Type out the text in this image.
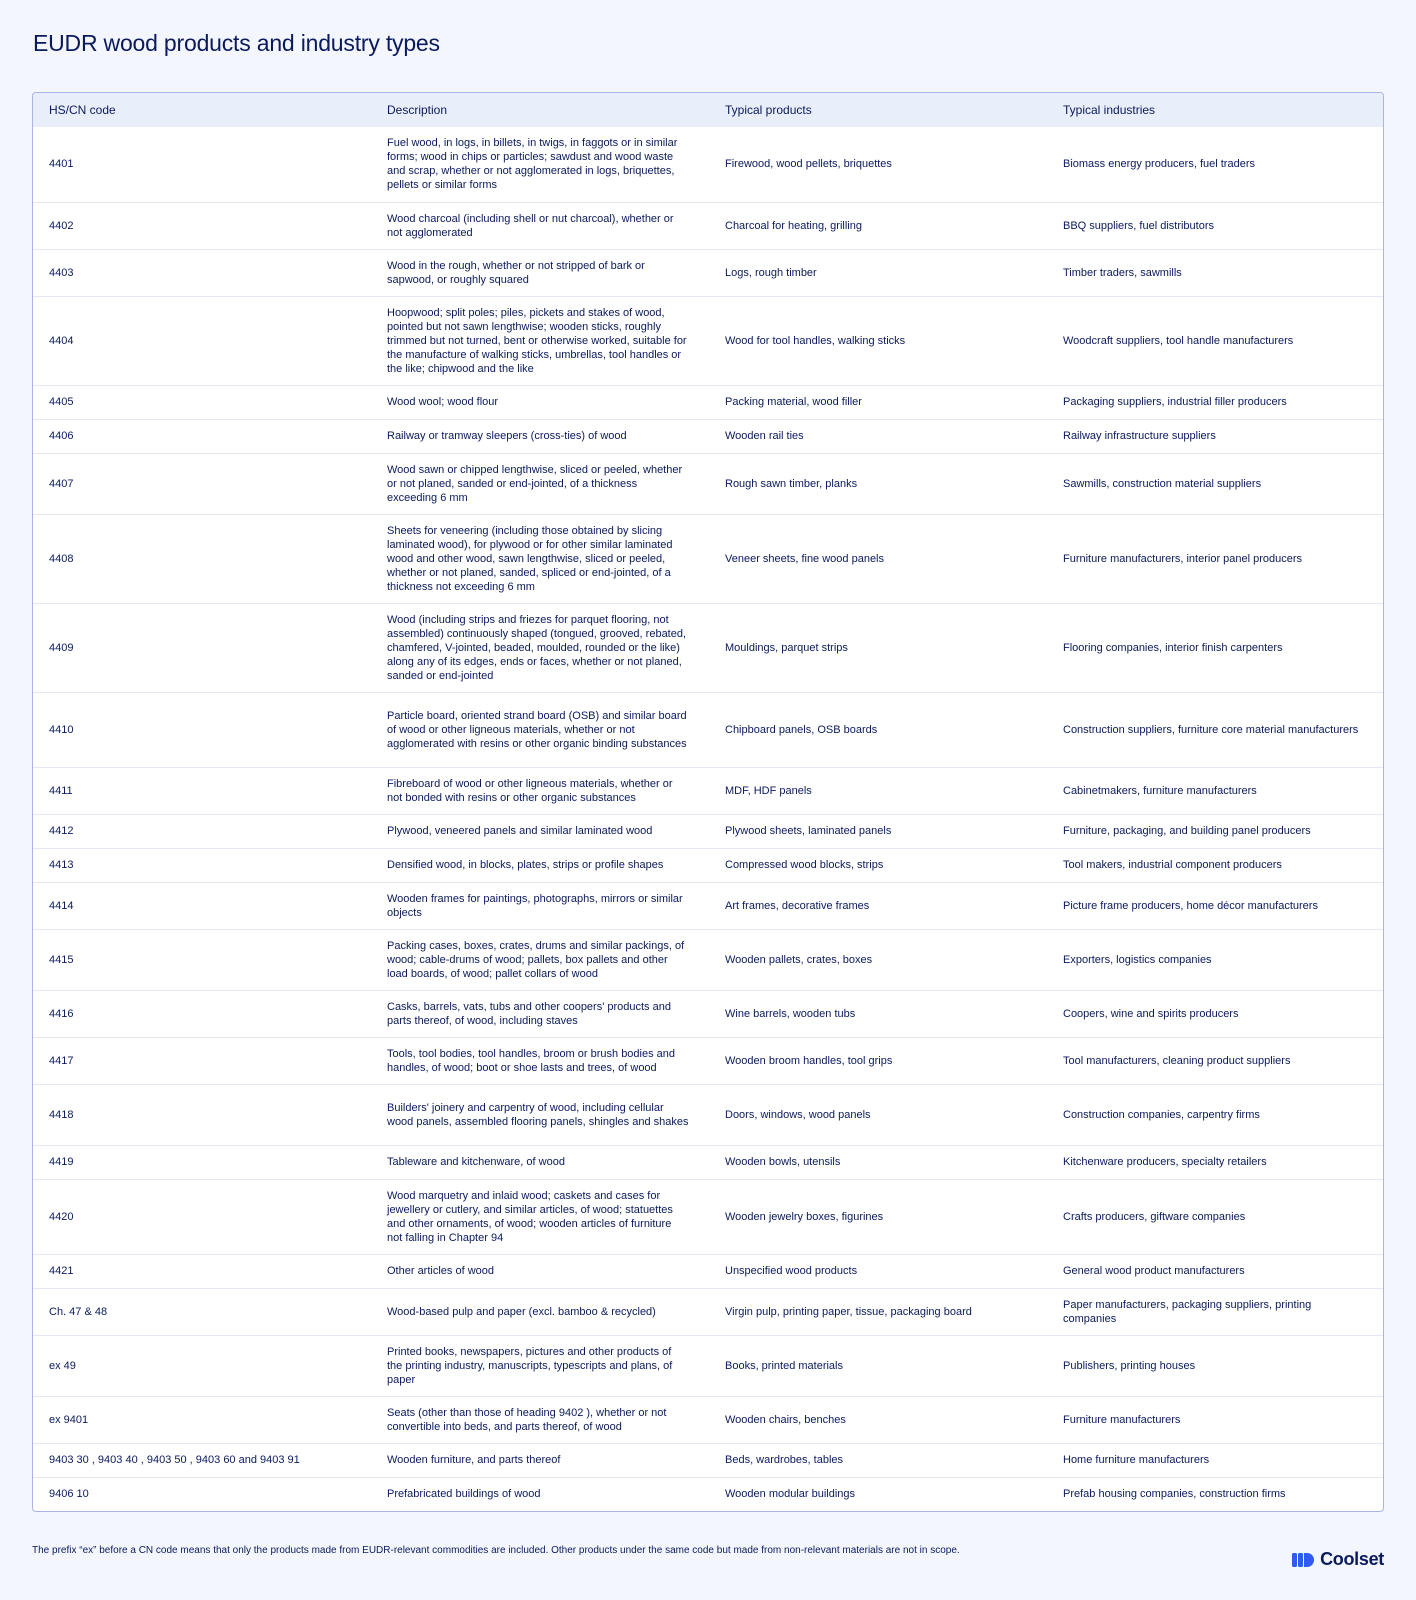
EUDR wood products and industry types
HS/CN code	Description	Typical products	Typical industries
4401	Fuel wood, in logs, in billets, in twigs, in faggots or in similar forms; wood in chips or particles; sawdust and wood waste and scrap, whether or not agglomerated in logs, briquettes, pellets or similar forms	Firewood, wood pellets, briquettes	Biomass energy producers, fuel traders
4402	Wood charcoal (including shell or nut charcoal), whether or not agglomerated	Charcoal for heating, grilling	BBQ suppliers, fuel distributors
4403	Wood in the rough, whether or not stripped of bark or sapwood, or roughly squared	Logs, rough timber	Timber traders, sawmills
4404	Hoopwood; split poles; piles, pickets and stakes of wood, pointed but not sawn lengthwise; wooden sticks, roughly trimmed but not turned, bent or otherwise worked, suitable for the manufacture of walking sticks, umbrellas, tool handles or the like; chipwood and the like	Wood for tool handles, walking sticks	Woodcraft suppliers, tool handle manufacturers
4405	Wood wool; wood flour	Packing material, wood filler	Packaging suppliers, industrial filler producers
4406	Railway or tramway sleepers (cross-ties) of wood	Wooden rail ties	Railway infrastructure suppliers
4407	Wood sawn or chipped lengthwise, sliced or peeled, whether or not planed, sanded or end-jointed, of a thickness exceeding 6 mm	Rough sawn timber, planks	Sawmills, construction material suppliers
4408	Sheets for veneering (including those obtained by slicing laminated wood), for plywood or for other similar laminated wood and other wood, sawn lengthwise, sliced or peeled, whether or not planed, sanded, spliced or end-jointed, of a thickness not exceeding 6 mm	Veneer sheets, fine wood panels	Furniture manufacturers, interior panel producers
4409	Wood (including strips and friezes for parquet flooring, not assembled) continuously shaped (tongued, grooved, rebated, chamfered, V-jointed, beaded, moulded, rounded or the like) along any of its edges, ends or faces, whether or not planed, sanded or end-jointed	Mouldings, parquet strips	Flooring companies, interior finish carpenters
4410	Particle board, oriented strand board (OSB) and similar board of wood or other ligneous materials, whether or not agglomerated with resins or other organic binding substances	Chipboard panels, OSB boards	Construction suppliers, furniture core material manufacturers
4411	Fibreboard of wood or other ligneous materials, whether or not bonded with resins or other organic substances	MDF, HDF panels	Cabinetmakers, furniture manufacturers
4412	Plywood, veneered panels and similar laminated wood	Plywood sheets, laminated panels	Furniture, packaging, and building panel producers
4413	Densified wood, in blocks, plates, strips or profile shapes	Compressed wood blocks, strips	Tool makers, industrial component producers
4414	Wooden frames for paintings, photographs, mirrors or similar objects	Art frames, decorative frames	Picture frame producers, home décor manufacturers
4415	Packing cases, boxes, crates, drums and similar packings, of wood; cable-drums of wood; pallets, box pallets and other load boards, of wood; pallet collars of wood	Wooden pallets, crates, boxes	Exporters, logistics companies
4416	Casks, barrels, vats, tubs and other coopers' products and parts thereof, of wood, including staves	Wine barrels, wooden tubs	Coopers, wine and spirits producers
4417	Tools, tool bodies, tool handles, broom or brush bodies and handles, of wood; boot or shoe lasts and trees, of wood	Wooden broom handles, tool grips	Tool manufacturers, cleaning product suppliers
4418	Builders' joinery and carpentry of wood, including cellular wood panels, assembled flooring panels, shingles and shakes	Doors, windows, wood panels	Construction companies, carpentry firms
4419	Tableware and kitchenware, of wood	Wooden bowls, utensils	Kitchenware producers, specialty retailers
4420	Wood marquetry and inlaid wood; caskets and cases for jewellery or cutlery, and similar articles, of wood; statuettes and other ornaments, of wood; wooden articles of furniture not falling in Chapter 94	Wooden jewelry boxes, figurines	Crafts producers, giftware companies
4421	Other articles of wood	Unspecified wood products	General wood product manufacturers
Ch. 47 & 48	Wood-based pulp and paper (excl. bamboo & recycled)	Virgin pulp, printing paper, tissue, packaging board	Paper manufacturers, packaging suppliers, printing companies
ex 49	Printed books, newspapers, pictures and other products of the printing industry, manuscripts, typescripts and plans, of paper	Books, printed materials	Publishers, printing houses
ex 9401	Seats (other than those of heading 9402 ), whether or not convertible into beds, and parts thereof, of wood	Wooden chairs, benches	Furniture manufacturers
9403 30 , 9403 40 , 9403 50 , 9403 60 and 9403 91	Wooden furniture, and parts thereof	Beds, wardrobes, tables	Home furniture manufacturers
9406 10	Prefabricated buildings of wood	Wooden modular buildings	Prefab housing companies, construction firms
The prefix “ex” before a CN code means that only the products made from EUDR-relevant commodities are included. Other products under the same code but made from non-relevant materials are not in scope.	Coolset
